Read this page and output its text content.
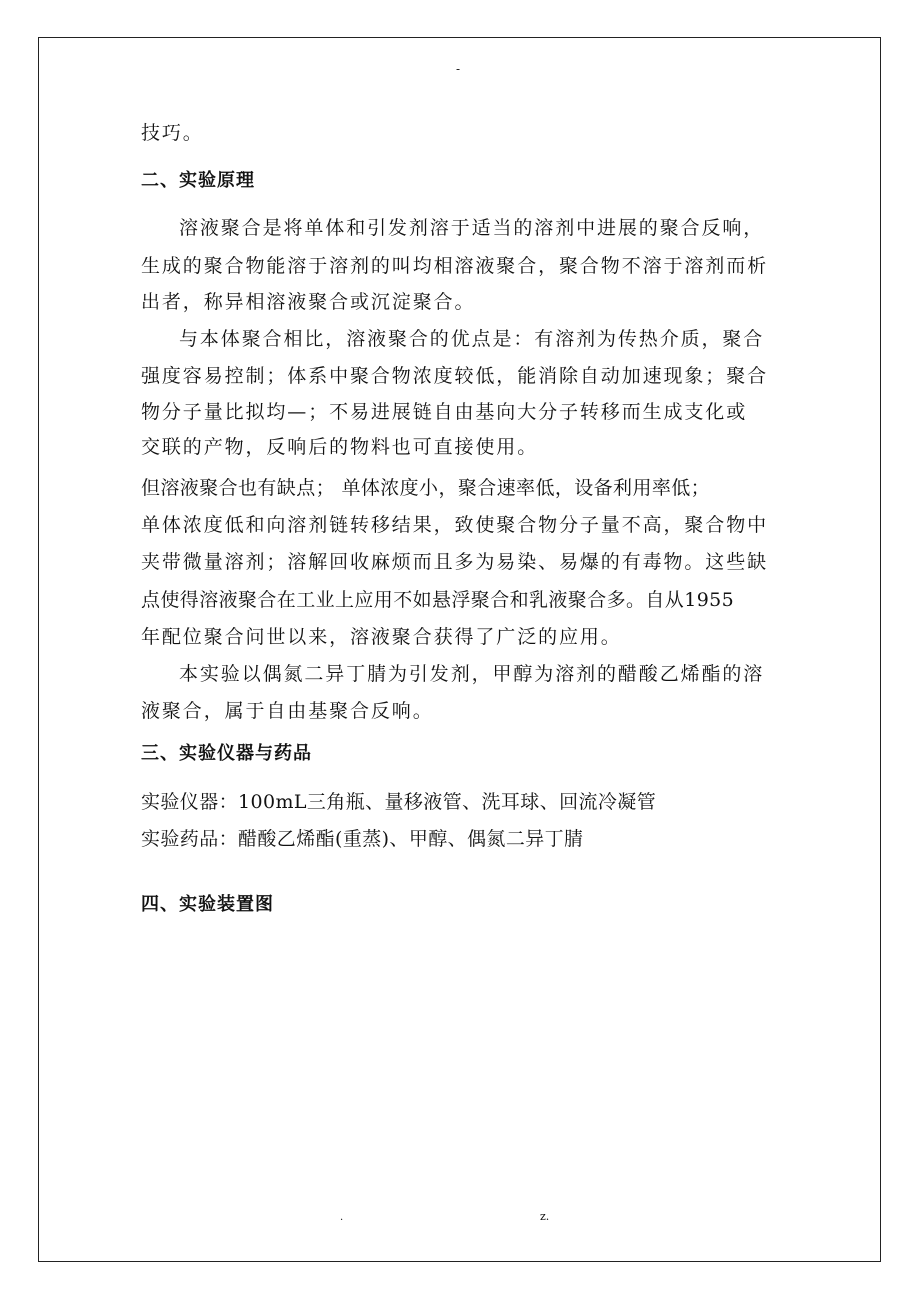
-
技巧。
二、实验原理
溶液聚合是将单体和引发剂溶于适当的溶剂中进展的聚合反响，
生成的聚合物能溶于溶剂的叫均相溶液聚合，聚合物不溶于溶剂而析
出者，称异相溶液聚合或沉淀聚合。
与本体聚合相比，溶液聚合的优点是：有溶剂为传热介质，聚合
强度容易控制；体系中聚合物浓度较低，能消除自动加速现象；聚合
物分子量比拟均—；不易进展链自由基向大分子转移而生成支化或
交联的产物，反响后的物料也可直接使用。
但溶液聚合也有缺点； 单体浓度小，聚合速率低，设备利用率低；
单体浓度低和向溶剂链转移结果，致使聚合物分子量不高，聚合物中
夹带微量溶剂；溶解回收麻烦而且多为易染、易爆的有毒物。这些缺
点使得溶液聚合在工业上应用不如悬浮聚合和乳液聚合多。自从1955
年配位聚合问世以来，溶液聚合获得了广泛的应用。
本实验以偶氮二异丁腈为引发剂，甲醇为溶剂的醋酸乙烯酯的溶
液聚合，属于自由基聚合反响。
三、实验仪器与药品
实验仪器：100mL三角瓶、量移液管、洗耳球、回流冷凝管
实验药品：醋酸乙烯酯(重蒸)、甲醇、偶氮二异丁腈
四、实验装置图
.	z.
